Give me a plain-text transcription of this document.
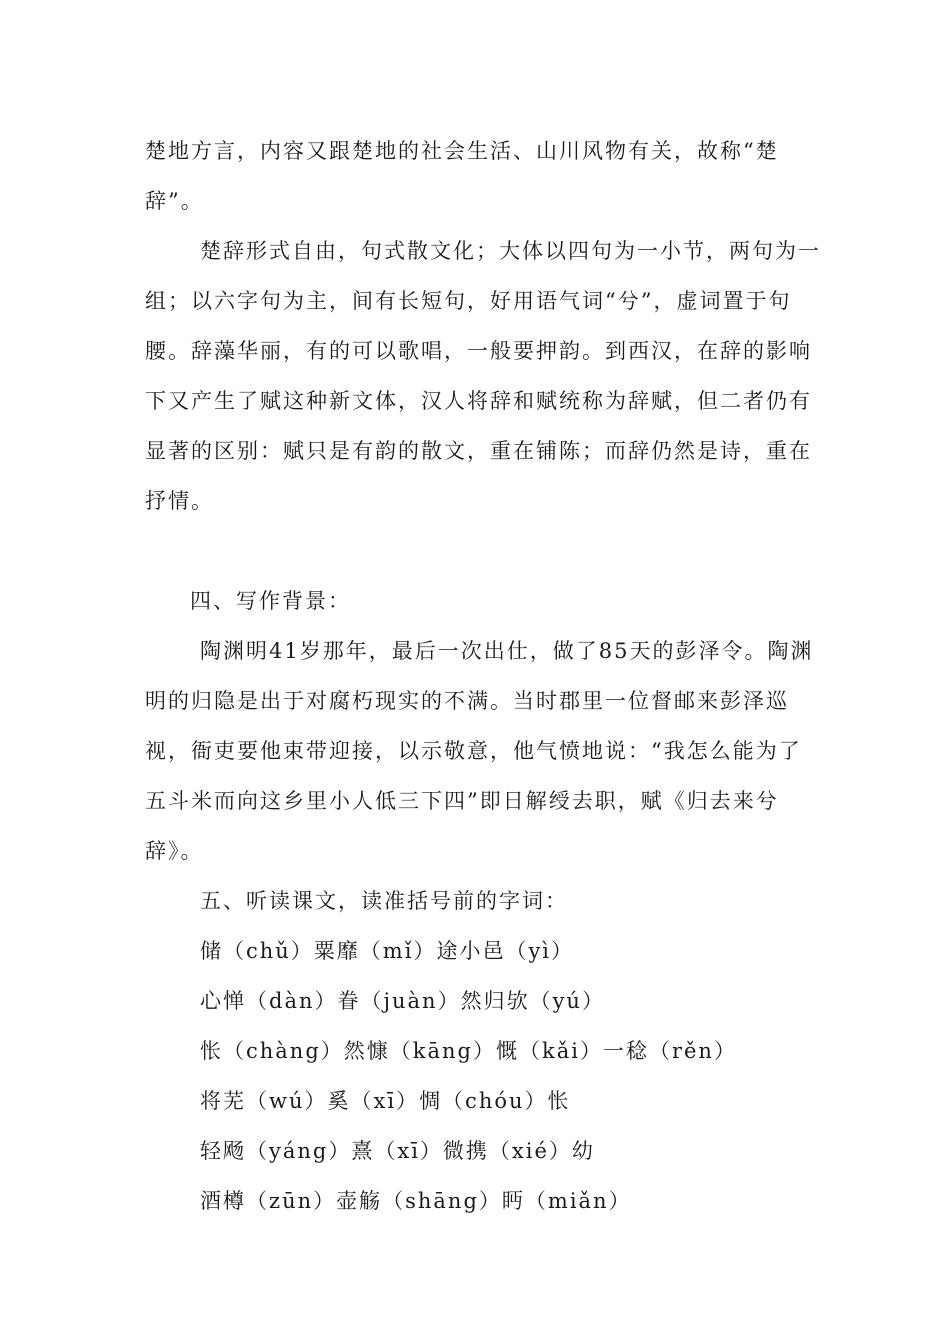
楚地方言，内容又跟楚地的社会生活、山川风物有关，故称“楚
辞”。
楚辞形式自由，句式散文化；大体以四句为一小节，两句为一
组；以六字句为主，间有长短句，好用语气词“兮”，虚词置于句
腰。辞藻华丽，有的可以歌唱，一般要押韵。到西汉，在辞的影响
下又产生了赋这种新文体，汉人将辞和赋统称为辞赋，但二者仍有
显著的区别：赋只是有韵的散文，重在铺陈；而辞仍然是诗，重在
抒情。
四、写作背景：
陶渊明41岁那年，最后一次出仕，做了85天的彭泽令。陶渊
明的归隐是出于对腐朽现实的不满。当时郡里一位督邮来彭泽巡
视，衙吏要他束带迎接，以示敬意，他气愤地说：“我怎么能为了
五斗米而向这乡里小人低三下四”即日解绶去职，赋《归去来兮
辞》。
五、听读课文，读准括号前的字词：
储（chǔ）粟靡（mǐ）途小邑（yì）
心惮（dàn）眷（juàn）然归欤（yú）
怅（chàng）然慷（kāng）慨（kǎi）一稔（rěn）
将芜（wú）奚（xī）惆（chóu）怅
轻飏（yáng）熹（xī）微携（xié）幼
酒樽（zūn）壶觞（shāng）眄（miǎn）
